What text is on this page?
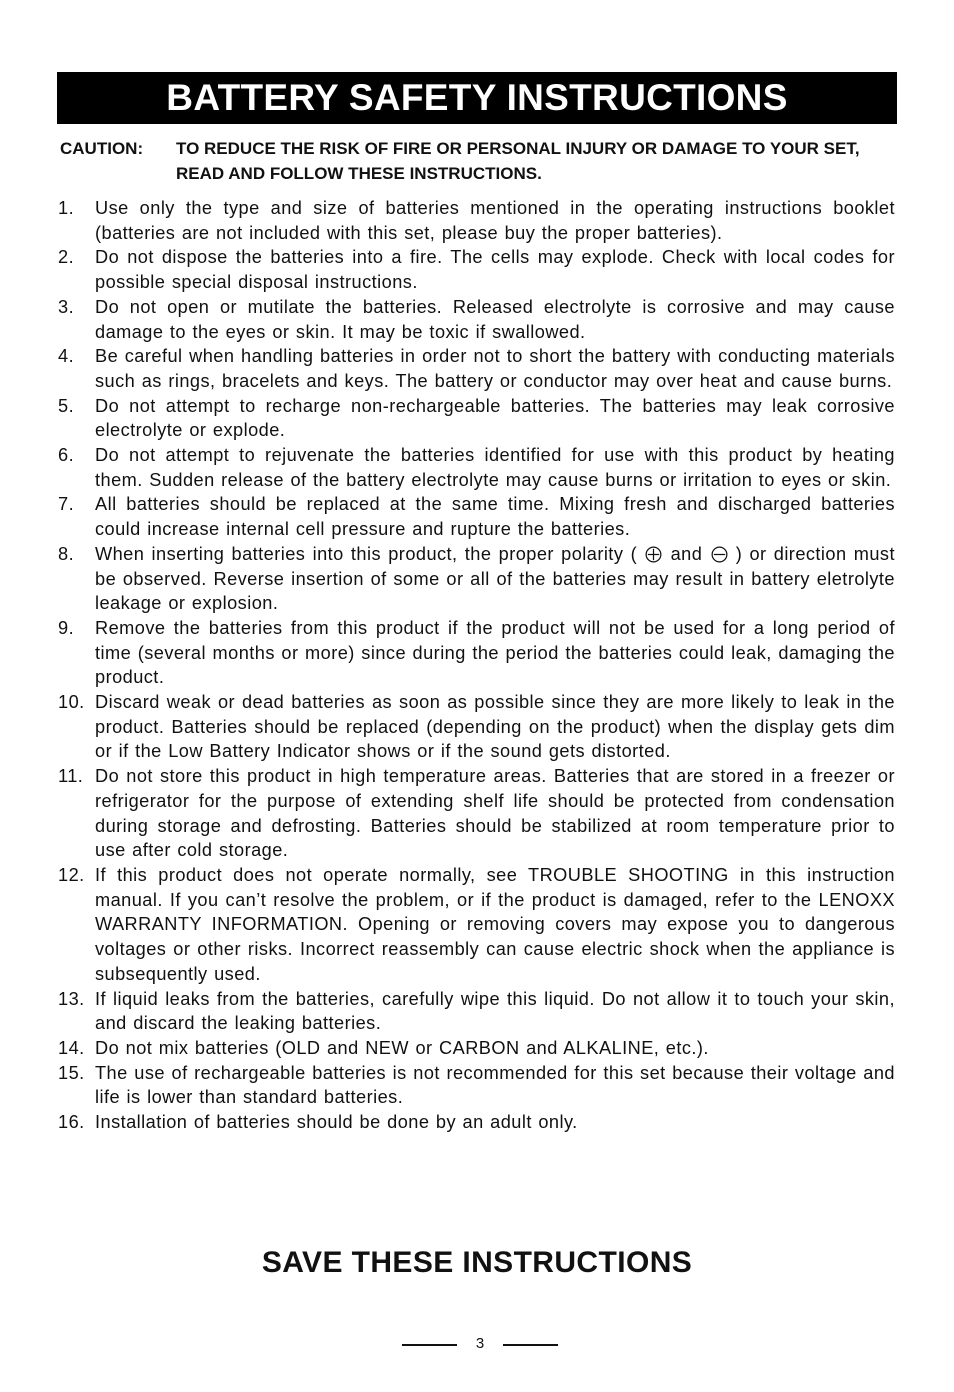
BATTERY SAFETY INSTRUCTIONS
CAUTION: TO REDUCE THE RISK OF FIRE OR PERSONAL INJURY OR DAMAGE TO YOUR SET, READ AND FOLLOW THESE INSTRUCTIONS.
1. Use only the type and size of batteries mentioned in the operating instructions booklet (batteries are not included with this set, please buy the proper batteries).
2. Do not dispose the batteries into a fire. The cells may explode. Check with local codes for possible special disposal instructions.
3. Do not open or mutilate the batteries. Released electrolyte is corrosive and may cause damage to the eyes or skin. It may be toxic if swallowed.
4. Be careful when handling batteries in order not to short the battery with conducting materials such as rings, bracelets and keys. The battery or conductor may over heat and cause burns.
5. Do not attempt to recharge non-rechargeable batteries. The batteries may leak corrosive electrolyte or explode.
6. Do not attempt to rejuvenate the batteries identified for use with this product by heating them. Sudden release of the battery electrolyte may cause burns or irritation to eyes or skin.
7. All batteries should be replaced at the same time. Mixing fresh and discharged batteries could increase internal cell pressure and rupture the batteries.
8. When inserting batteries into this product, the proper polarity ( and ) or direction must be observed. Reverse insertion of some or all of the batteries may result in battery eletrolyte leakage or explosion.
9. Remove the batteries from this product if the product will not be used for a long period of time (several months or more) since during the period the batteries could leak, damaging the product.
10. Discard weak or dead batteries as soon as possible since they are more likely to leak in the product. Batteries should be replaced (depending on the product) when the display gets dim or if the Low Battery Indicator shows or if the sound gets distorted.
11. Do not store this product in high temperature areas. Batteries that are stored in a freezer or refrigerator for the purpose of extending shelf life should be protected from condensation during storage and defrosting. Batteries should be stabilized at room temperature prior to use after cold storage.
12. If this product does not operate normally, see TROUBLE SHOOTING in this instruction manual. If you can’t resolve the problem, or if the product is damaged, refer to the LENOXX WARRANTY INFORMATION. Opening or removing covers may expose you to dangerous voltages or other risks. Incorrect reassembly can cause electric shock when the appliance is subsequently used.
13. If liquid leaks from the batteries, carefully wipe this liquid. Do not allow it to touch your skin, and discard the leaking batteries.
14. Do not mix batteries (OLD and NEW or CARBON and ALKALINE, etc.).
15. The use of rechargeable batteries is not recommended for this set because their voltage and life is lower than standard batteries.
16. Installation of batteries should be done by an adult only.
SAVE THESE INSTRUCTIONS
3
